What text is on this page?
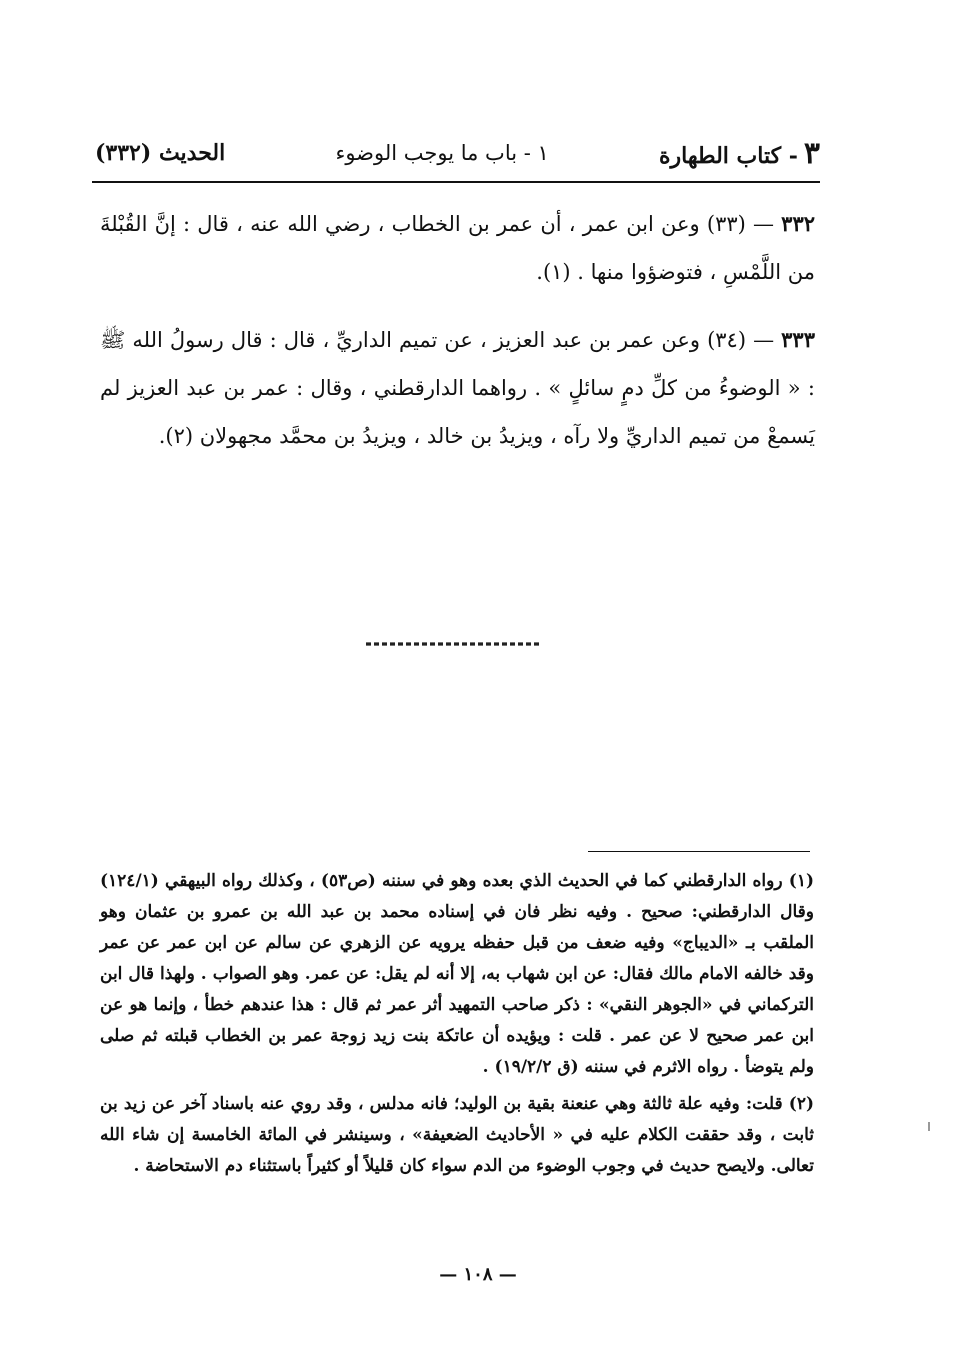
٣- كتاب الطهارة
١ - باب ما يوجب الوضوء
الحديث (٣٣٢)

٣٣٢ — (٣٣) وعن ابن عمر ، أن عمر بن الخطاب ، رضي الله عنه ، قال : إنَّ القُبْلةَ من اللَّمْسِ ، فتوضؤوا منها . (١).

٣٣٣ — (٣٤) وعن عمر بن عبد العزيز ، عن تميم الداريِّ ، قال : قال رسولُ الله ﷺ : « الوضوءُ من كلِّ دمٍ سائلٍ » . رواهما الدارقطني ، وقال : عمر بن عبد العزيز لم يَسمعْ من تميم الداريِّ ولا رآه ، ويزيدُ بن خالد ، ويزيدُ بن محمَّد مجهولان (٢).

(١) رواه الدارقطني كما في الحديث الذي بعده وهو في سننه (ص٥٣) ، وكذلك رواه البيهقي (١٢٤/١) وقال الدارقطني: صحيح . وفيه نظر فان في إسناده محمد بن عبد الله بن عمرو بن عثمان وهو الملقب بـ «الديباج» وفيه ضعف من قبل حفظه يرويه عن الزهري عن سالم عن ابن عمر عن عمر وقد خالفه الامام مالك فقال: عن ابن شهاب به، إلا أنه لم يقل: عن عمر. وهو الصواب . ولهذا قال ابن التركماني في «الجوهر النقي» : ذكر صاحب التمهيد أثر عمر ثم قال : هذا عندهم خطأ ، وإنما هو عن ابن عمر صحيح لا عن عمر . قلت : ويؤيده أن عاتكة بنت زيد زوجة عمر بن الخطاب قبلته ثم صلى ولم يتوضأ . رواه الاثرم في سننه (ق ١٩/٢/٢) .

(٢) قلت: وفيه علة ثالثة وهي عنعنة بقية بن الوليد؛ فانه مدلس ، وقد روي عنه باسناد آخر عن زيد بن ثابت ، وقد حققت الكلام عليه في « الأحاديث الضعيفة» ، وسينشر في المائة الخامسة إن شاء الله تعالى. ولايصح حديث في وجوب الوضوء من الدم سواء كان قليلاً أو كثيراً باستثناء دم الاستحاضة .

— ١٠٨ —
